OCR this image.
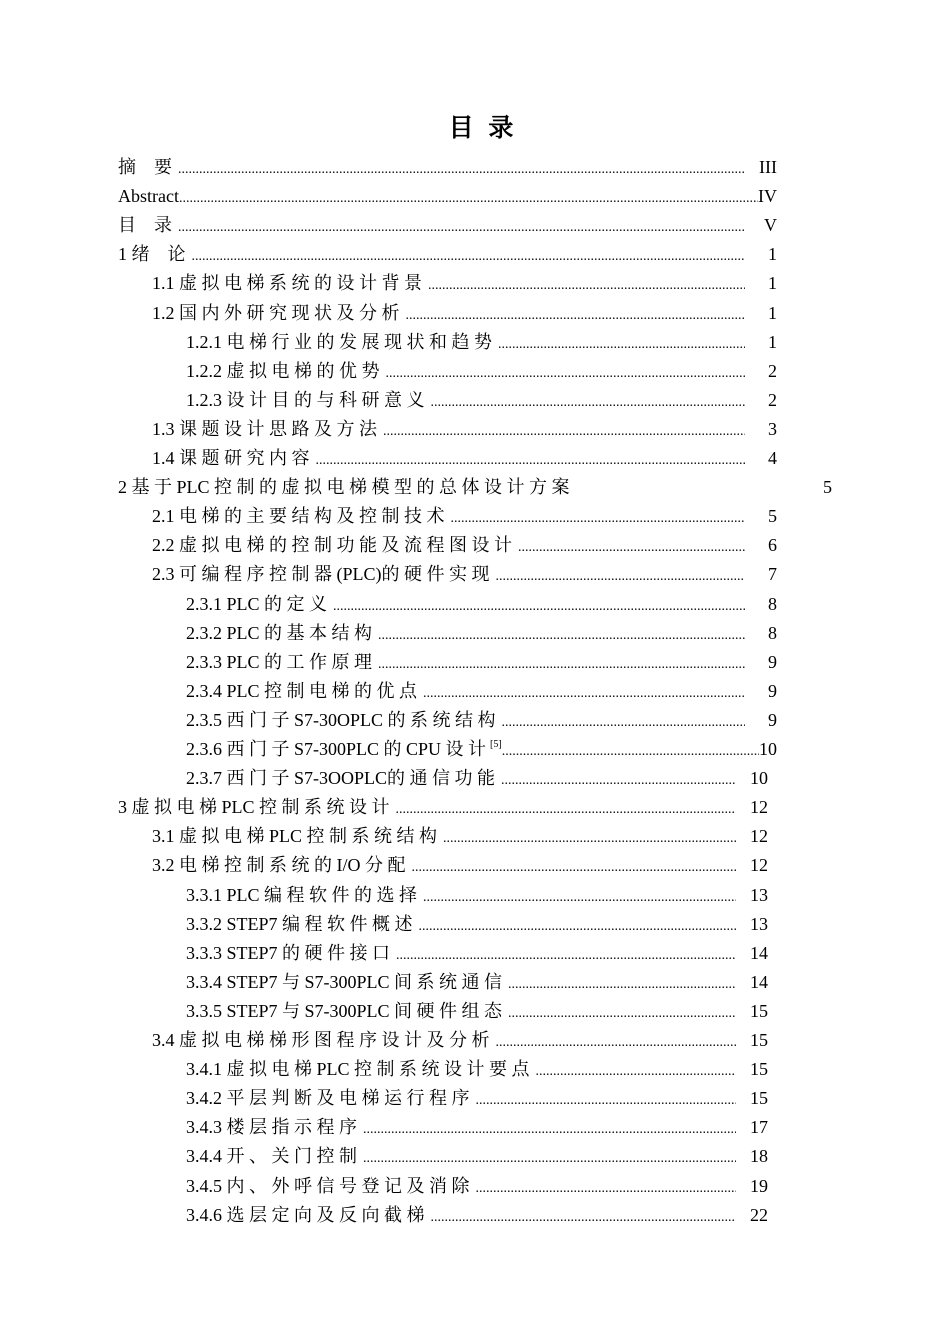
目 录
摘　要 .....	III
Abstract .....	IV
目　录 .....	V
1 绪　论 .....	1
1.1 虚 拟 电 梯 系 统 的 设 计 背 景 .....	1
1.2 国 内 外 研 究 现 状 及 分 析 .....	1
1.2.1 电 梯 行 业 的 发 展 现 状 和 趋 势 .....	1
1.2.2 虚 拟 电 梯 的 优 势 .....	2
1.2.3 设 计 目 的 与 科 研 意 义 .....	2
1.3 课 题 设 计 思 路 及 方 法 .....	3
1.4 课 题 研 究 内 容 .....	4
2 基 于 PLC 控 制 的 虚 拟 电 梯 模 型 的 总 体 设 计 方 案	5
2.1 电 梯 的 主 要 结 构 及 控 制 技 术 .....	5
2.2 虚 拟 电 梯 的 控 制 功 能 及 流 程 图 设 计 .....	6
2.3 可 编 程 序 控 制 器 (PLC)的 硬 件 实 现 .....	7
2.3.1 PLC 的 定 义 .....	8
2.3.2 PLC 的 基 本 结 构 .....	8
2.3.3 PLC 的 工 作 原 理 .....	9
2.3.4 PLC 控 制 电 梯 的 优 点 .....	9
2.3.5 西 门 子 S7-30OPLC 的 系 统 结 构 .....	9
2.3.6 西 门 子 S7-300PLC 的 CPU 设 计 [5] .....	10
2.3.7 西 门 子 S7-3OOPLC的 通 信 功 能 .....	10
3 虚 拟 电 梯 PLC 控 制 系 统 设 计 .....	12
3.1 虚 拟 电 梯 PLC 控 制 系 统 结 构 .....	12
3.2 电 梯 控 制 系 统 的 I/O 分 配 .....	12
3.3.1 PLC 编 程 软 件 的 选 择 .....	13
3.3.2 STEP7 编 程 软 件 概 述 .....	13
3.3.3 STEP7 的 硬 件 接 口 .....	14
3.3.4 STEP7 与 S7-300PLC 间 系 统 通 信 .....	14
3.3.5 STEP7 与 S7-300PLC 间 硬 件 组 态 .....	15
3.4 虚 拟 电 梯 梯 形 图 程 序 设 计 及 分 析 .....	15
3.4.1 虚 拟 电 梯 PLC 控 制 系 统 设 计 要 点 .....	15
3.4.2 平 层 判 断 及 电 梯 运 行 程 序 .....	15
3.4.3 楼 层 指 示 程 序 .....	17
3.4.4 开 、 关 门 控 制 .....	18
3.4.5 内 、 外 呼 信 号 登 记 及 消 除 .....	19
3.4.6 选 层 定 向 及 反 向 截 梯 .....	22
